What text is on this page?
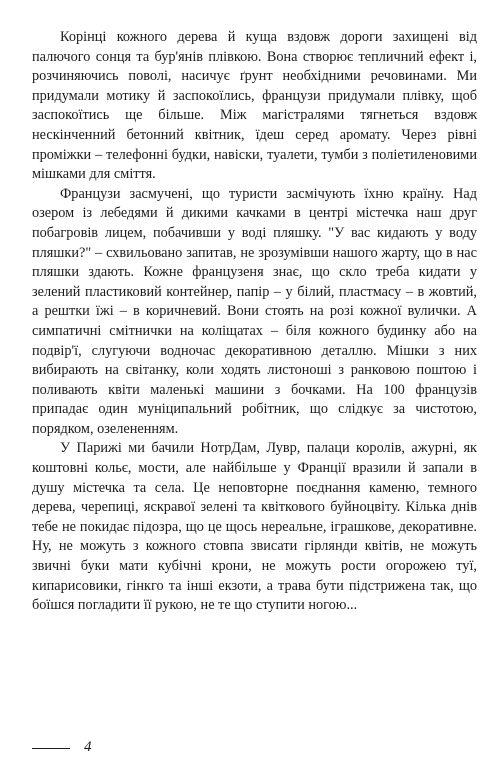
Корінці кожного дерева й куща вздовж дороги захищені від палючого сонця та бур'янів плівкою. Вона створює тепличний ефект і, розчиняючись поволі, насичує ґрунт необхідними речовинами. Ми придумали мотику й заспокоїлись, французи придумали плівку, щоб заспокоїтись ще більше. Між магістралями тягнеться вздовж нескінченний бетонний квітник, їдеш серед аромату. Через рівні проміжки – телефонні будки, навіски, туалети, тумби з поліетиленовими мішками для сміття.

Французи засмучені, що туристи засмічують їхню країну. Над озером із лебедями й дикими качками в центрі містечка наш друг побагровів лицем, побачивши у воді пляшку. "У вас кидають у воду пляшки?" – схвильовано запитав, не зрозумівши нашого жарту, що в нас пляшки здають. Кожне французеня знає, що скло треба кидати у зелений пластиковий контейнер, папір – у білий, пластмасу – в жовтий, а рештки їжі – в коричневий. Вони стоять на розі кожної вулички. А симпатичні смітнички на коліщатах – біля кожного будинку або на подвір'ї, слугуючи водночас декоративною деталлю. Мішки з них вибирають на світанку, коли ходять листоноші з ранковою поштою і поливають квіти маленькі машини з бочками. На 100 французів припадає один муніципальний робітник, що слідкує за чистотою, порядком, озелененням.

У Парижі ми бачили НотрДам, Лувр, палаци королів, ажурні, як коштовні кольє, мости, але найбільше у Франції вразили й запали в душу містечка та села. Це неповторне поєднання каменю, темного дерева, черепиці, яскравої зелені та квіткового буйноцвіту. Кілька днів тебе не покидає підозра, що це щось нереальне, іграшкове, декоративне. Ну, не можуть з кожного стовпа звисати гірлянди квітів, не можуть звичні буки мати кубічні крони, не можуть рости огорожею туї, кипарисовики, гінкго та інші екзоти, а трава бути підстрижена так, що боїшся погладити її рукою, не те що ступити ногою...

4
